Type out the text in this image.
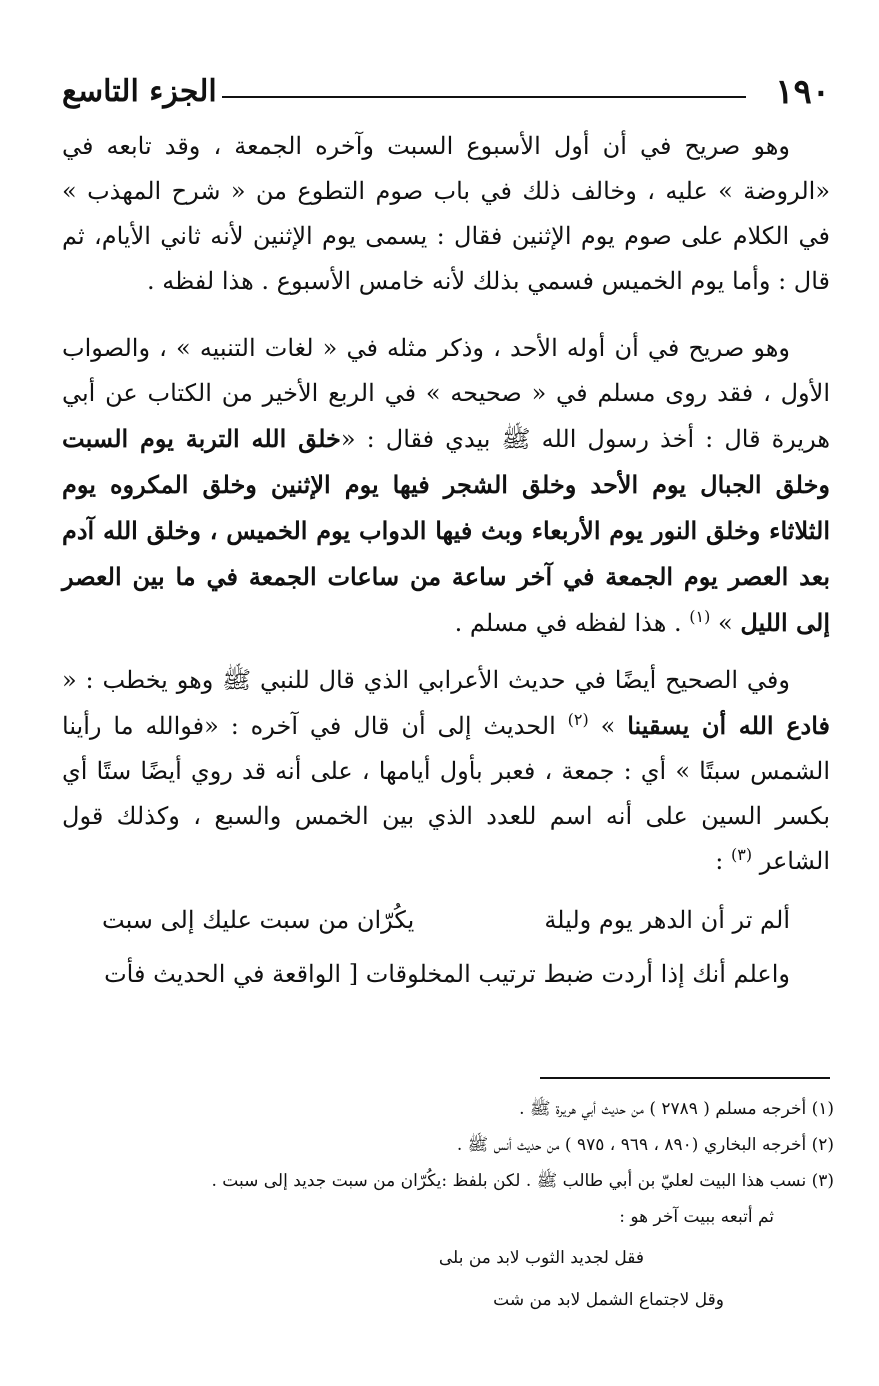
١٩٠
الجزء التاسع

وهو صريح في أن أول الأسبوع السبت وآخره الجمعة ، وقد تابعه في «الروضة » عليه ، وخالف ذلك في باب صوم التطوع من « شرح المهذب » في الكلام على صوم يوم الإثنين فقال : يسمى يوم الإثنين لأنه ثاني الأيام، ثم قال : وأما يوم الخميس فسمي بذلك لأنه خامس الأسبوع . هذا لفظه .

وهو صريح في أن أوله الأحد ، وذكر مثله في « لغات التنبيه » ، والصواب الأول ، فقد روى مسلم في « صحيحه » في الربع الأخير من الكتاب عن أبي هريرة قال : أخذ رسول الله ﷺ بيدي فقال : «خلق الله التربة يوم السبت وخلق الجبال يوم الأحد وخلق الشجر فيها يوم الإثنين وخلق المكروه يوم الثلاثاء وخلق النور يوم الأربعاء وبث فيها الدواب يوم الخميس ، وخلق الله آدم بعد العصر يوم الجمعة في آخر ساعة من ساعات الجمعة في ما بين العصر إلى الليل » $^{(١)}$ . هذا لفظه في مسلم .

وفي الصحيح أيضًا في حديث الأعرابي الذي قال للنبي ﷺ وهو يخطب : « فادع الله أن يسقينا » $^{(٢)}$ الحديث إلى أن قال في آخره : «فوالله ما رأينا الشمس سبتًا » أي : جمعة ، فعبر بأول أيامها ، على أنه قد روي أيضًا ستًا أي بكسر السين على أنه اسم للعدد الذي بين الخمس والسبع ، وكذلك قول الشاعر $^{(٣)}$ :

ألم تر أن الدهر يوم وليلة
يكُرّان من سبت عليك إلى سبت

واعلم أنك إذا أردت ضبط ترتيب المخلوقات [ الواقعة في الحديث فأت

(١) أخرجه مسلم ( ٢٧٨٩ ) من حديث أبي هريرة ﷺ .

(٢) أخرجه البخاري (٨٩٠ ، ٩٦٩ ، ٩٧٥ ) من حديث أنس ﷺ .

(٣) نسب هذا البيت لعليّ بن أبي طالب ﷺ . لكن بلفظ :يكُرّان من سبت جديد إلى سبت .

ثم أتبعه ببيت آخر هو :

فقل لجديد الثوب لابد من بلى

وقل لاجتماع الشمل لابد من شت
